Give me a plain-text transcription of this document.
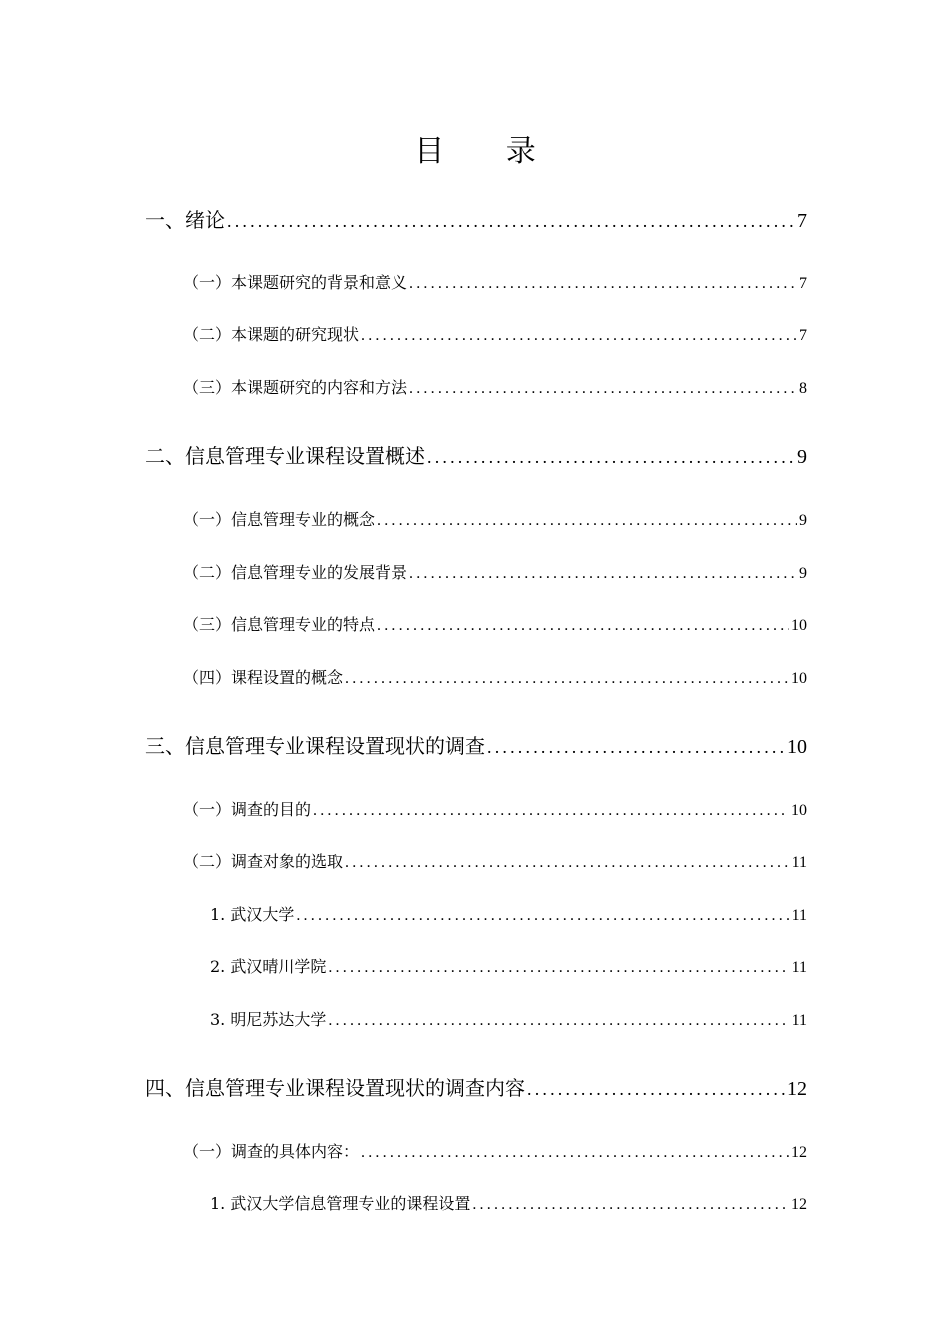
目 录
一、绪论 .....	7
（一）本课题研究的背景和意义 .....	7
（二）本课题的研究现状 .....	7
（三）本课题研究的内容和方法 .....	8
二、信息管理专业课程设置概述 .....	9
（一）信息管理专业的概念 .....	9
（二）信息管理专业的发展背景 .....	9
（三）信息管理专业的特点 .....	10
（四）课程设置的概念 .....	10
三、信息管理专业课程设置现状的调查 .....	10
（一）调查的目的 .....	10
（二）调查对象的选取 .....	11
1. 武汉大学 .....	11
2. 武汉晴川学院 .....	11
3. 明尼苏达大学 .....	11
四、信息管理专业课程设置现状的调查内容 .....	12
（一）调查的具体内容： .....	12
1. 武汉大学信息管理专业的课程设置 .....	12
